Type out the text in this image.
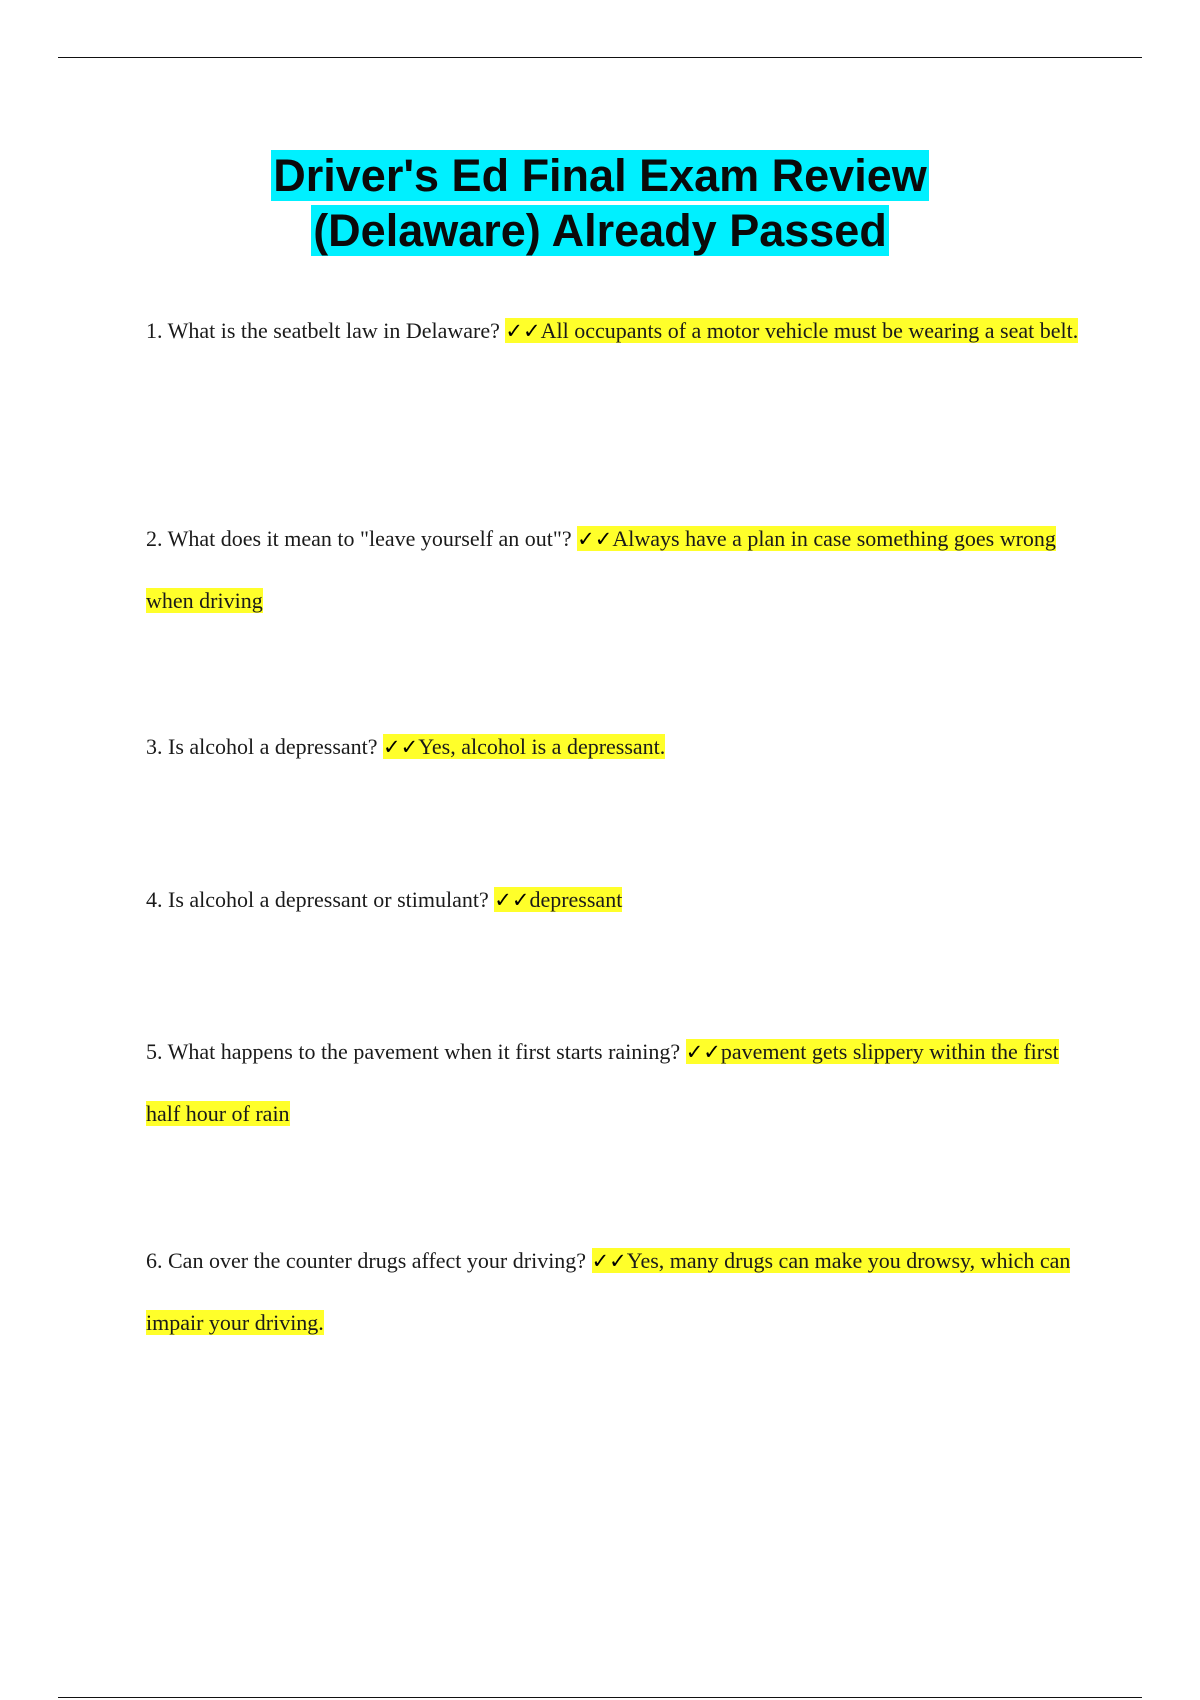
Driver's Ed Final Exam Review
(Delaware) Already Passed

1. What is the seatbelt law in Delaware? ✓✓All occupants of a motor vehicle must be wearing a seat belt.

2. What does it mean to "leave yourself an out"? ✓✓Always have a plan in case something goes wrong when driving

3. Is alcohol a depressant? ✓✓Yes, alcohol is a depressant.

4. Is alcohol a depressant or stimulant? ✓✓depressant

5. What happens to the pavement when it first starts raining? ✓✓pavement gets slippery within the first half hour of rain

6. Can over the counter drugs affect your driving? ✓✓Yes, many drugs can make you drowsy, which can impair your driving.
